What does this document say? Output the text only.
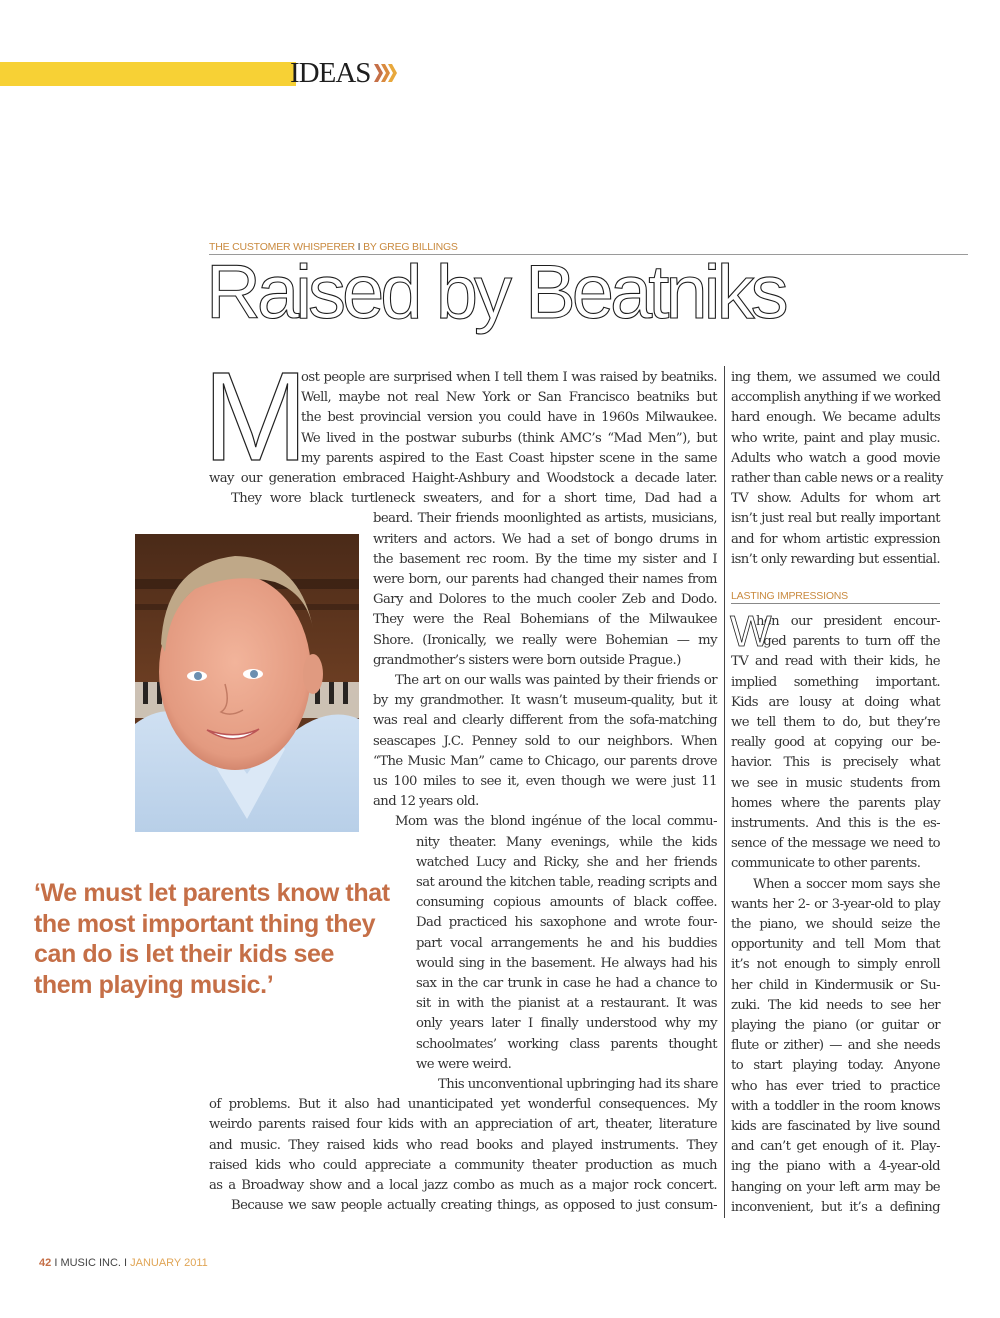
IDEAS
THE CUSTOMER WHISPERER I BY GREG BILLINGS
Raised by Beatniks
M
ost people are surprised when I tell them I was raised by beatniks.
Well, maybe not real New York or San Francisco beatniks but
the best provincial version you could have in 1960s Milwaukee.
We lived in the postwar suburbs (think AMC’s “Mad Men”), but
my parents aspired to the East Coast hipster scene in the same
way our generation embraced Haight-Ashbury and Woodstock a decade later.
They wore black turtleneck sweaters, and for a short time, Dad had a
beard. Their friends moonlighted as artists, musicians,
writers and actors. We had a set of bongo drums in
the basement rec room. By the time my sister and I
were born, our parents had changed their names from
Gary and Dolores to the much cooler Zeb and Dodo.
They were the Real Bohemians of the Milwaukee
Shore. (Ironically, we really were Bohemian — my
grandmother’s sisters were born outside Prague.)
The art on our walls was painted by their friends or
by my grandmother. It wasn’t museum-quality, but it
was real and clearly different from the sofa-matching
seascapes J.C. Penney sold to our neighbors. When
“The Music Man” came to Chicago, our parents drove
us 100 miles to see it, even though we were just 11
and 12 years old.
Mom was the blond ingénue of the local commu-
nity theater. Many evenings, while the kids
watched Lucy and Ricky, she and her friends
sat around the kitchen table, reading scripts and
consuming copious amounts of black coffee.
Dad practiced his saxophone and wrote four-
part vocal arrangements he and his buddies
would sing in the basement. He always had his
sax in the car trunk in case he had a chance to
sit in with the pianist at a restaurant. It was
only years later I finally understood why my
schoolmates’ working class parents thought
we were weird.
This unconventional upbringing had its share
of problems. But it also had unanticipated yet wonderful consequences. My
weirdo parents raised four kids with an appreciation of art, theater, literature
and music. They raised kids who read books and played instruments. They
raised kids who could appreciate a community theater production as much
as a Broadway show and a local jazz combo as much as a major rock concert.
Because we saw people actually creating things, as opposed to just consum-
‘We must let parents know that the most important thing they can do is let their kids see them playing music.’
ing them, we assumed we could
accomplish anything if we worked
hard enough. We became adults
who write, paint and play music.
Adults who watch a good movie
rather than cable news or a reality
TV show. Adults for whom art
isn’t just real but really important
and for whom artistic expression
isn’t only rewarding but essential.
hen our president encour-
aged parents to turn off the
TV and read with their kids, he
implied something important.
Kids are lousy at doing what
we tell them to do, but they’re
really good at copying our be-
havior. This is precisely what
we see in music students from
homes where the parents play
instruments. And this is the es-
sence of the message we need to
communicate to other parents.
When a soccer mom says she
wants her 2- or 3-year-old to play
the piano, we should seize the
opportunity and tell Mom that
it’s not enough to simply enroll
her child in Kindermusik or Su-
zuki. The kid needs to see her
playing the piano (or guitar or
flute or zither) — and she needs
to start playing today. Anyone
who has ever tried to practice
with a toddler in the room knows
kids are fascinated by live sound
and can’t get enough of it. Play-
ing the piano with a 4-year-old
hanging on your left arm may be
inconvenient, but it’s a defining
LASTING IMPRESSIONS
W
42 I MUSIC INC. I JANUARY 2011
